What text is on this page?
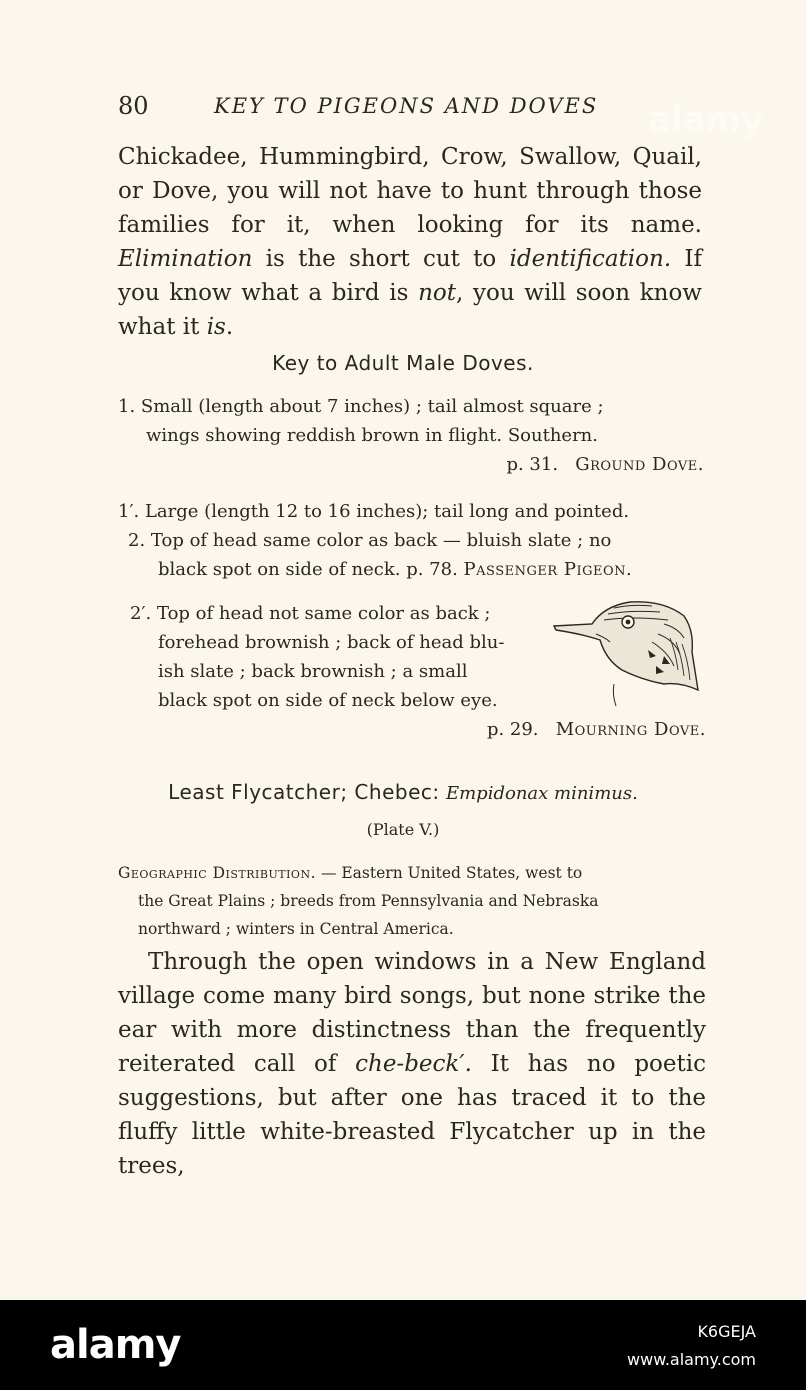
80	KEY TO PIGEONS AND DOVES alamy

Chickadee, Hummingbird, Crow, Swallow, Quail, or Dove, you will not have to hunt through those families for it, when looking for its name. Elimination is the short cut to identification. If you know what a bird is not, you will soon know what it is.

Key to Adult Male Doves.
1. Small (length about 7 inches) ; tail almost square ;
wings showing reddish brown in flight. Southern.
p. 31. Ground Dove.
1′. Large (length 12 to 16 inches); tail long and pointed.
2. Top of head same color as back — bluish slate ; no
black spot on side of neck. p. 78. Passenger Pigeon.
2′. Top of head not same color as back ;
forehead brownish ; back of head blu-
ish slate ; back brownish ; a small
black spot on side of neck below eye.
p. 29. Mourning Dove.
Least Flycatcher; Chebec: Empidonax minimus.
(Plate V.)
Geographic Distribution. — Eastern United States, west to
the Great Plains ; breeds from Pennsylvania and Nebraska
northward ; winters in Central America.

Through the open windows in a New England village come many bird songs, but none strike the ear with more distinctness than the frequently reiterated call of che-beck′. It has no poetic suggestions, but after one has traced it to the fluffy little white-breasted Flycatcher up in the trees,

alamy	K6GEJA
www.alamy.com
